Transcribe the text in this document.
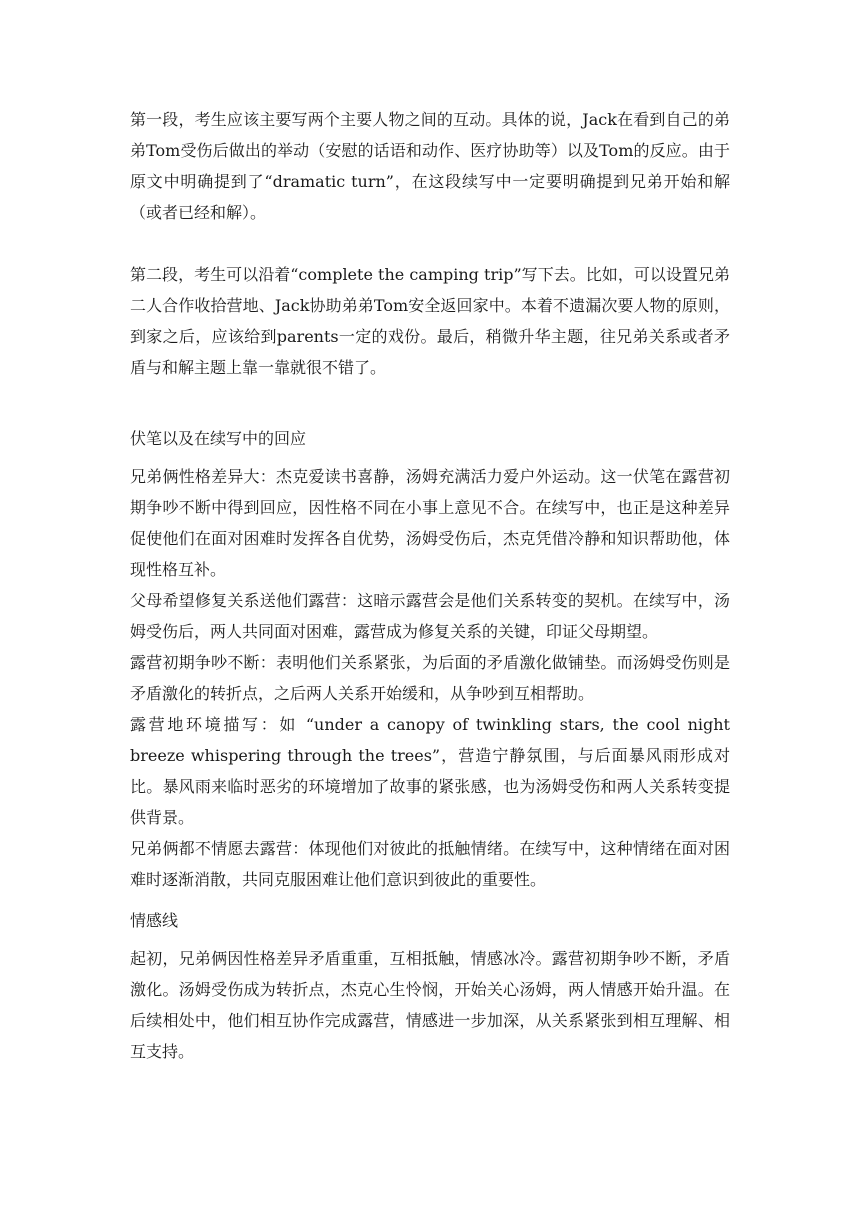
第一段，考生应该主要写两个主要人物之间的互动。具体的说，Jack在看到自己的弟弟Tom受伤后做出的举动（安慰的话语和动作、医疗协助等）以及Tom的反应。由于原文中明确提到了“dramatic turn”，在这段续写中一定要明确提到兄弟开始和解（或者已经和解）。

第二段，考生可以沿着“complete the camping trip”写下去。比如，可以设置兄弟二人合作收拾营地、Jack协助弟弟Tom安全返回家中。本着不遗漏次要人物的原则，到家之后，应该给到parents一定的戏份。最后，稍微升华主题，往兄弟关系或者矛盾与和解主题上靠一靠就很不错了。

伏笔以及在续写中的回应

兄弟俩性格差异大：杰克爱读书喜静，汤姆充满活力爱户外运动。这一伏笔在露营初期争吵不断中得到回应，因性格不同在小事上意见不合。在续写中，也正是这种差异促使他们在面对困难时发挥各自优势，汤姆受伤后，杰克凭借冷静和知识帮助他，体现性格互补。

父母希望修复关系送他们露营：这暗示露营会是他们关系转变的契机。在续写中，汤姆受伤后，两人共同面对困难，露营成为修复关系的关键，印证父母期望。

露营初期争吵不断：表明他们关系紧张，为后面的矛盾激化做铺垫。而汤姆受伤则是矛盾激化的转折点，之后两人关系开始缓和，从争吵到互相帮助。

露营地环境描写：如 “under a canopy of twinkling stars, the cool night breeze whispering through the trees”，营造宁静氛围，与后面暴风雨形成对比。暴风雨来临时恶劣的环境增加了故事的紧张感，也为汤姆受伤和两人关系转变提供背景。

兄弟俩都不情愿去露营：体现他们对彼此的抵触情绪。在续写中，这种情绪在面对困难时逐渐消散，共同克服困难让他们意识到彼此的重要性。

情感线

起初，兄弟俩因性格差异矛盾重重，互相抵触，情感冰冷。露营初期争吵不断，矛盾激化。汤姆受伤成为转折点，杰克心生怜悯，开始关心汤姆，两人情感开始升温。在后续相处中，他们相互协作完成露营，情感进一步加深，从关系紧张到相互理解、相互支持。
